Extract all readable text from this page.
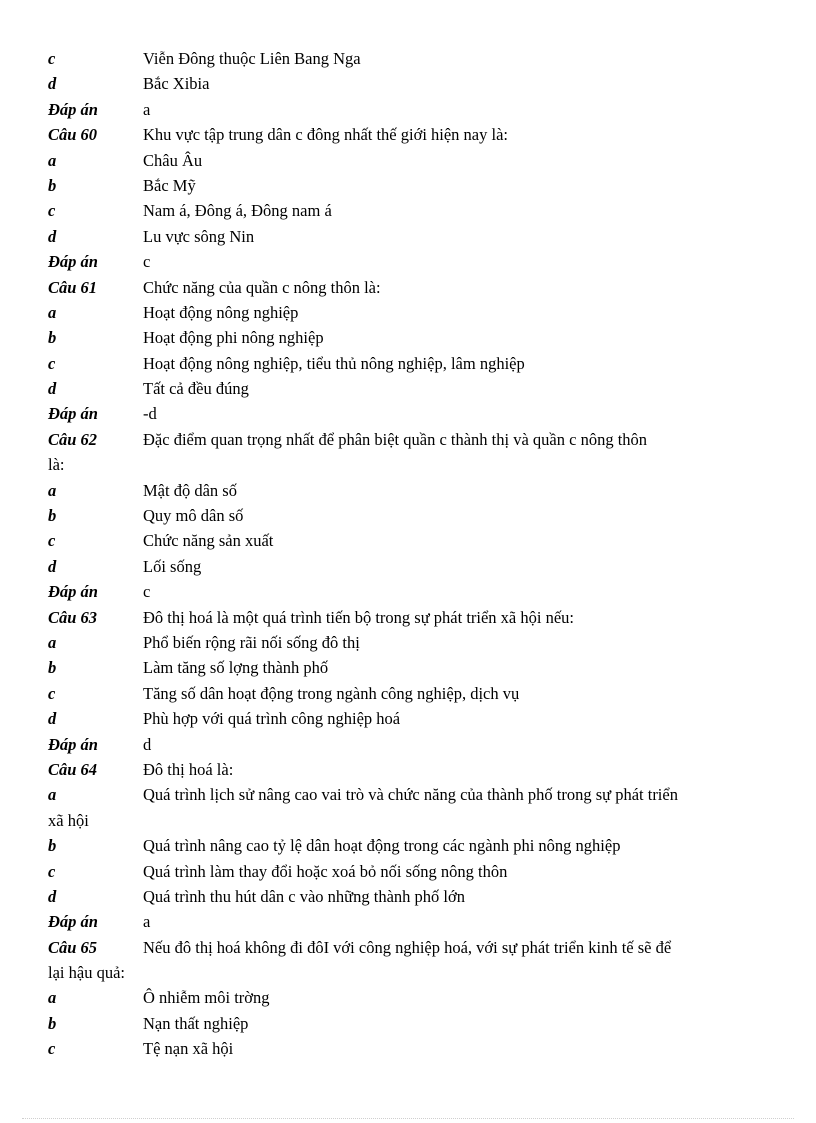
c	Viễn Đông thuộc Liên Bang Nga
d	Bắc Xibia
Đáp án	a
Câu 60	Khu vực tập trung dân c đông nhất thế giới hiện nay là:
a	Châu Âu
b	Bắc Mỹ
c	Nam á, Đông á, Đông nam á
d	Lu vực sông Nin
Đáp án	c
Câu 61	Chức năng của quần c nông thôn là:
a	Hoạt động nông nghiệp
b	Hoạt động phi nông nghiệp
c	Hoạt động nông nghiệp, tiểu thủ nông nghiệp, lâm nghiệp
d	Tất cả đều đúng
Đáp án	-d
Câu 62	Đặc điểm quan trọng nhất để phân biệt quần c thành thị và quần c nông thôn
là:
a	Mật độ dân số
b	Quy mô dân số
c	Chức năng sản xuất
d	Lối sống
Đáp án	c
Câu 63	Đô thị hoá là một quá trình tiến bộ trong sự phát triển xã hội nếu:
a	Phổ biến rộng rãi nối sống đô thị
b	Làm tăng số lợng thành phố
c	Tăng số dân hoạt động trong ngành công nghiệp, dịch vụ
d	Phù hợp với quá trình công nghiệp hoá
Đáp án	d
Câu 64	Đô thị hoá là:
a	Quá trình lịch sử nâng cao vai trò và chức năng của thành phố trong sự phát triển
xã hội
b	Quá trình nâng cao tỷ lệ dân hoạt động trong các ngành phi nông nghiệp
c	Quá trình làm thay đổi hoặc xoá bỏ nối sống nông thôn
d	Quá trình thu hút dân c vào những thành phố lớn
Đáp án	a
Câu 65	Nếu đô thị hoá không đi đôI với công nghiệp hoá, với sự phát triển kinh tế sẽ để
lại hậu quả:
a	Ô nhiễm môi trờng
b	Nạn thất nghiệp
c	Tệ nạn xã hội
